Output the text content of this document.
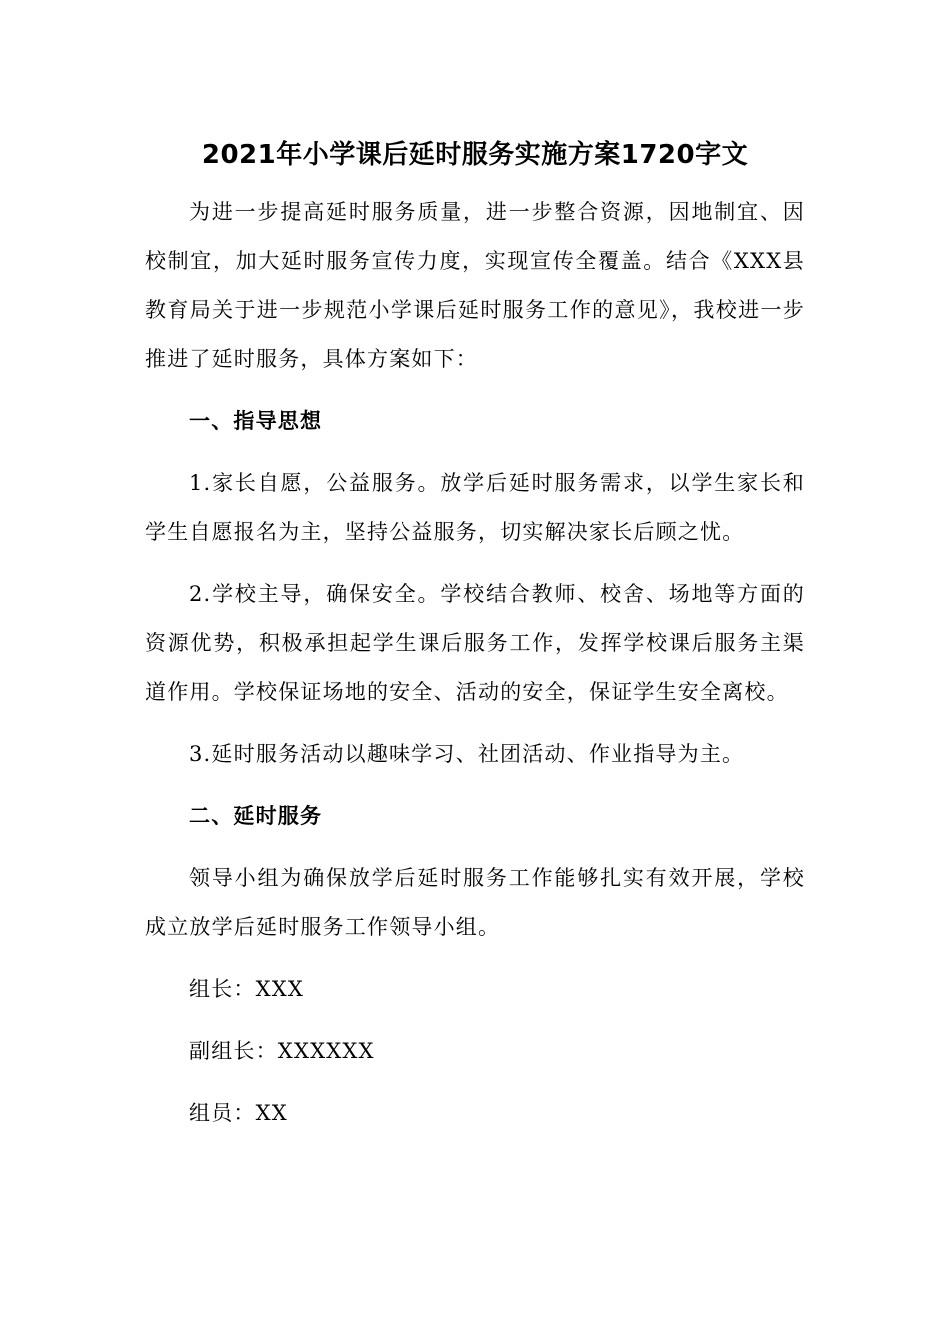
2021年小学课后延时服务实施方案1720字文

为进一步提高延时服务质量，进一步整合资源，因地制宜、因校制宜，加大延时服务宣传力度，实现宣传全覆盖。结合《XXX县教育局关于进一步规范小学课后延时服务工作的意见》，我校进一步推进了延时服务，具体方案如下：

一、指导思想

1.家长自愿，公益服务。放学后延时服务需求，以学生家长和学生自愿报名为主，坚持公益服务，切实解决家长后顾之忧。

2.学校主导，确保安全。学校结合教师、校舍、场地等方面的资源优势，积极承担起学生课后服务工作，发挥学校课后服务主渠道作用。学校保证场地的安全、活动的安全，保证学生安全离校。

3.延时服务活动以趣味学习、社团活动、作业指导为主。

二、延时服务

领导小组为确保放学后延时服务工作能够扎实有效开展，学校成立放学后延时服务工作领导小组。

组长：XXX

副组长：XXXXXX

组员：XX
